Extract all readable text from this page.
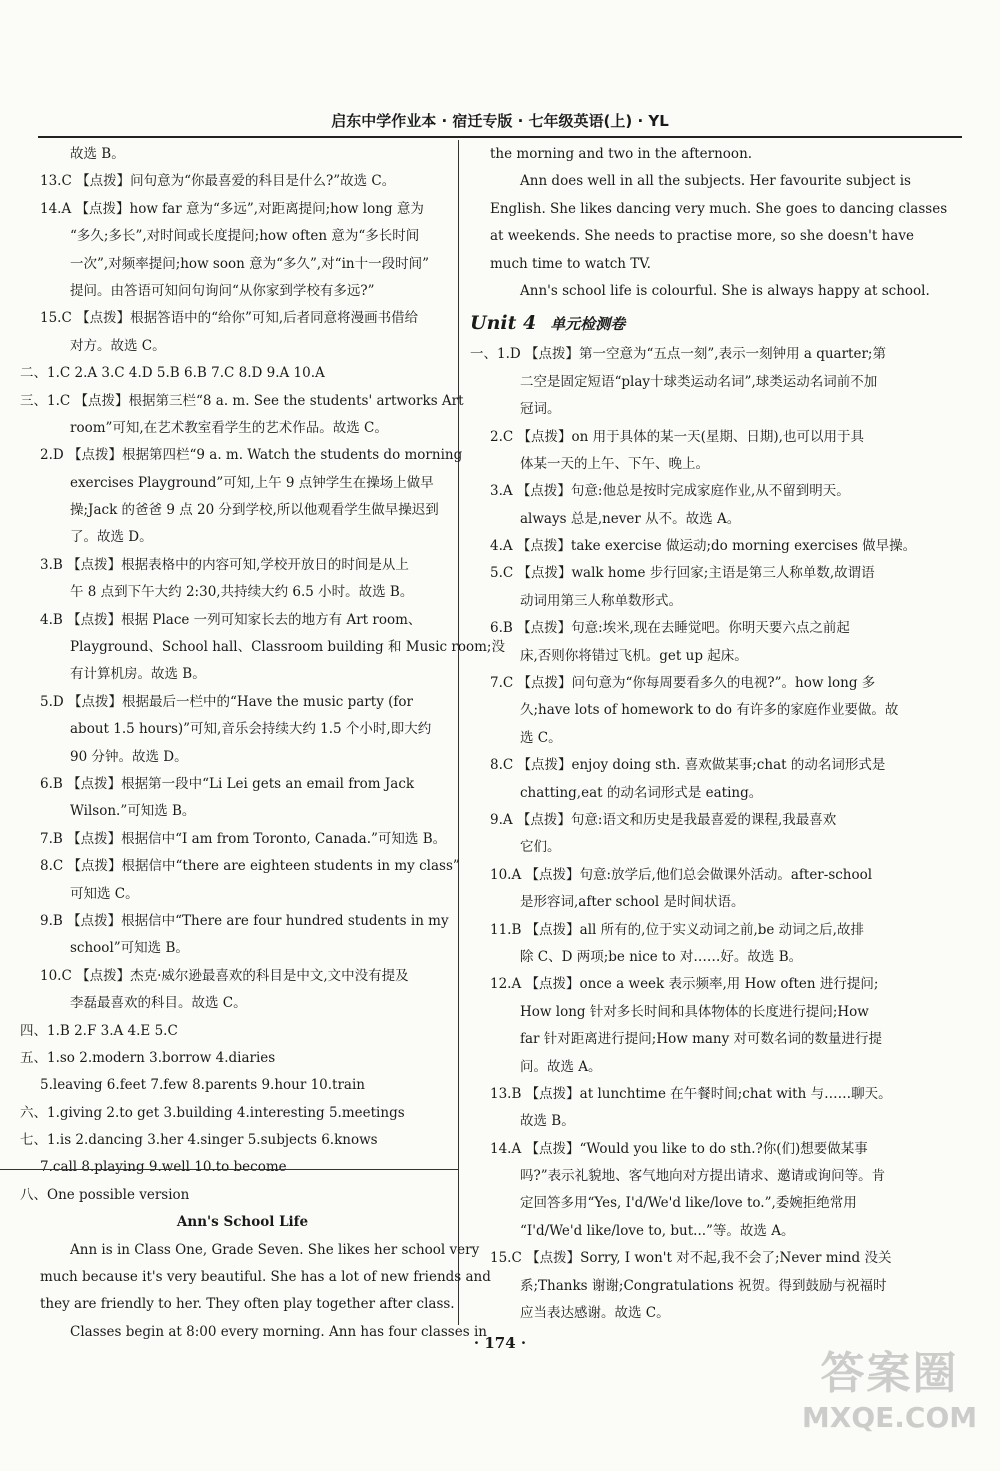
启东中学作业本 · 宿迁专版 · 七年级英语(上) · YL
故选 B。
13.C 【点拨】问句意为“你最喜爱的科目是什么?”故选 C。
14.A 【点拨】how far 意为“多远”,对距离提问;how long 意为
“多久;多长”,对时间或长度提问;how often 意为“多长时间
一次”,对频率提问;how soon 意为“多久”,对“in十一段时间”
提问。由答语可知问句询问“从你家到学校有多远?”
15.C 【点拨】根据答语中的“给你”可知,后者同意将漫画书借给
对方。故选 C。
二、1.C 2.A 3.C 4.D 5.B 6.B 7.C 8.D 9.A 10.A
三、1.C 【点拨】根据第三栏“8 a. m. See the students' artworks Art
room”可知,在艺术教室看学生的艺术作品。故选 C。
2.D 【点拨】根据第四栏“9 a. m. Watch the students do morning
exercises Playground”可知,上午 9 点钟学生在操场上做早
操;Jack 的爸爸 9 点 20 分到学校,所以他观看学生做早操迟到
了。故选 D。
3.B 【点拨】根据表格中的内容可知,学校开放日的时间是从上
午 8 点到下午大约 2:30,共持续大约 6.5 小时。故选 B。
4.B 【点拨】根据 Place 一列可知家长去的地方有 Art room、
Playground、School hall、Classroom building 和 Music room;没
有计算机房。故选 B。
5.D 【点拨】根据最后一栏中的“Have the music party (for
about 1.5 hours)”可知,音乐会持续大约 1.5 个小时,即大约
90 分钟。故选 D。
6.B 【点拨】根据第一段中“Li Lei gets an email from Jack
Wilson.”可知选 B。
7.B 【点拨】根据信中“I am from Toronto, Canada.”可知选 B。
8.C 【点拨】根据信中“there are eighteen students in my class”
可知选 C。
9.B 【点拨】根据信中“There are four hundred students in my
school”可知选 B。
10.C 【点拨】杰克·威尔逊最喜欢的科目是中文,文中没有提及
李磊最喜欢的科目。故选 C。
四、1.B 2.F 3.A 4.E 5.C
五、1.so 2.modern 3.borrow 4.diaries
5.leaving 6.feet 7.few 8.parents 9.hour 10.train
六、1.giving 2.to get 3.building 4.interesting 5.meetings
七、1.is 2.dancing 3.her 4.singer 5.subjects 6.knows
7.call 8.playing 9.well 10.to become
八、One possible version
Ann's School Life
Ann is in Class One, Grade Seven. She likes her school very
much because it's very beautiful. She has a lot of new friends and
they are friendly to her. They often play together after class.
Classes begin at 8:00 every morning. Ann has four classes in
the morning and two in the afternoon.
Ann does well in all the subjects. Her favourite subject is
English. She likes dancing very much. She goes to dancing classes
at weekends. She needs to practise more, so she doesn't have
much time to watch TV.
Ann's school life is colourful. She is always happy at school.
Unit 4 单元检测卷
一、1.D 【点拨】第一空意为“五点一刻”,表示一刻钟用 a quarter;第
二空是固定短语“play十球类运动名词”,球类运动名词前不加
冠词。
2.C 【点拨】on 用于具体的某一天(星期、日期),也可以用于具
体某一天的上午、下午、晚上。
3.A 【点拨】句意:他总是按时完成家庭作业,从不留到明天。
always 总是,never 从不。故选 A。
4.A 【点拨】take exercise 做运动;do morning exercises 做早操。
5.C 【点拨】walk home 步行回家;主语是第三人称单数,故谓语
动词用第三人称单数形式。
6.B 【点拨】句意:埃米,现在去睡觉吧。你明天要六点之前起
床,否则你将错过飞机。get up 起床。
7.C 【点拨】问句意为“你每周要看多久的电视?”。how long 多
久;have lots of homework to do 有许多的家庭作业要做。故
选 C。
8.C 【点拨】enjoy doing sth. 喜欢做某事;chat 的动名词形式是
chatting,eat 的动名词形式是 eating。
9.A 【点拨】句意:语文和历史是我最喜爱的课程,我最喜欢
它们。
10.A 【点拨】句意:放学后,他们总会做课外活动。after-school
是形容词,after school 是时间状语。
11.B 【点拨】all 所有的,位于实义动词之前,be 动词之后,故排
除 C、D 两项;be nice to 对……好。故选 B。
12.A 【点拨】once a week 表示频率,用 How often 进行提问;
How long 针对多长时间和具体物体的长度进行提问;How
far 针对距离进行提问;How many 对可数名词的数量进行提
问。故选 A。
13.B 【点拨】at lunchtime 在午餐时间;chat with 与……聊天。
故选 B。
14.A 【点拨】“Would you like to do sth.?你(们)想要做某事
吗?”表示礼貌地、客气地向对方提出请求、邀请或询问等。肯
定回答多用“Yes, I'd/We'd like/love to.”,委婉拒绝常用
“I'd/We'd like/love to, but...”等。故选 A。
15.C 【点拨】Sorry, I won't 对不起,我不会了;Never mind 没关
系;Thanks 谢谢;Congratulations 祝贺。得到鼓励与祝福时
应当表达感谢。故选 C。
· 174 ·
答案圈
MXQE.COM
